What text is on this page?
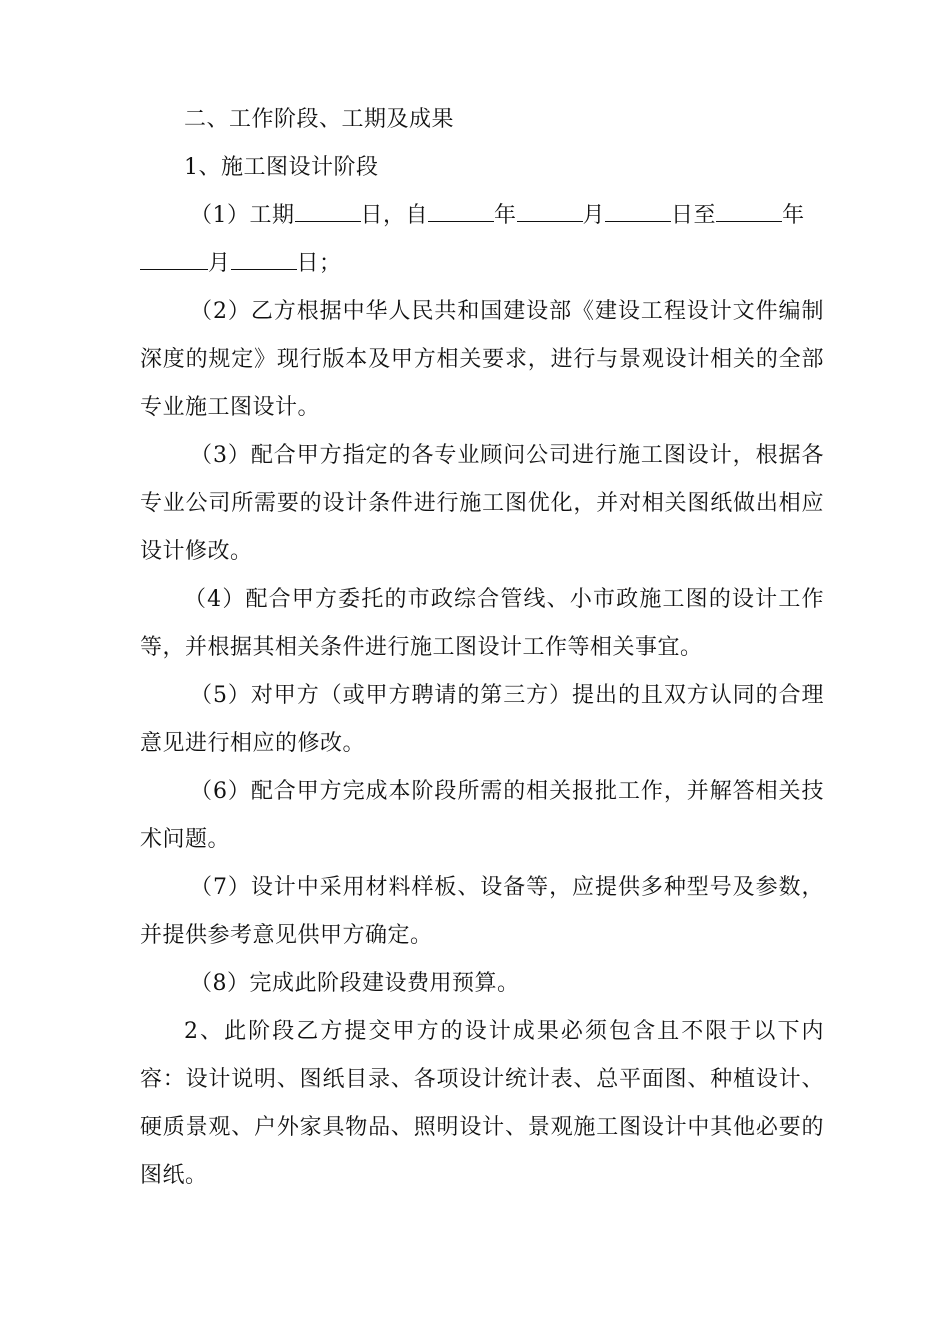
二、工作阶段、工期及成果

1、施工图设计阶段

（1）工期	日，自	年	月	日至	年
月	日；

（2）乙方根据中华人民共和国建设部《建设工程设计文件编制深度的规定》现行版本及甲方相关要求，进行与景观设计相关的全部专业施工图设计。

（3）配合甲方指定的各专业顾问公司进行施工图设计，根据各专业公司所需要的设计条件进行施工图优化，并对相关图纸做出相应设计修改。

（4）配合甲方委托的市政综合管线、小市政施工图的设计工作等，并根据其相关条件进行施工图设计工作等相关事宜。

（5）对甲方（或甲方聘请的第三方）提出的且双方认同的合理意见进行相应的修改。

（6）配合甲方完成本阶段所需的相关报批工作，并解答相关技术问题。

（7）设计中采用材料样板、设备等，应提供多种型号及参数，并提供参考意见供甲方确定。

（8）完成此阶段建设费用预算。

2、此阶段乙方提交甲方的设计成果必须包含且不限于以下内容：设计说明、图纸目录、各项设计统计表、总平面图、种植设计、硬质景观、户外家具物品、照明设计、景观施工图设计中其他必要的图纸。
